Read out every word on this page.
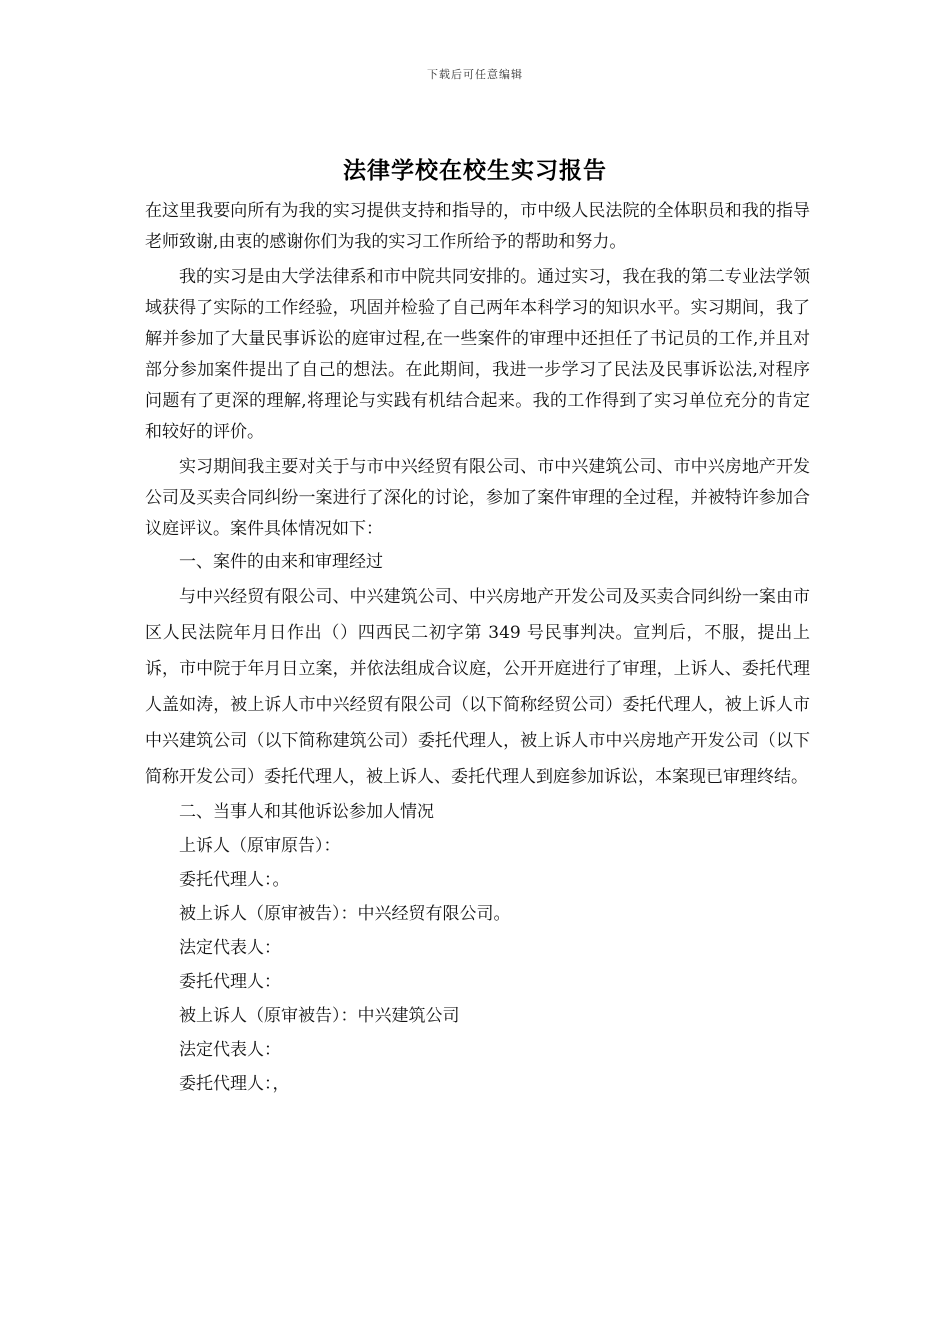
下载后可任意编辑
法律学校在校生实习报告

在这里我要向所有为我的实习提供支持和指导的，市中级人民法院的全体职员和我的指导老师致谢,由衷的感谢你们为我的实习工作所给予的帮助和努力。

我的实习是由大学法律系和市中院共同安排的。通过实习，我在我的第二专业法学领域获得了实际的工作经验，巩固并检验了自己两年本科学习的知识水平。实习期间，我了解并参加了大量民事诉讼的庭审过程,在一些案件的审理中还担任了书记员的工作,并且对部分参加案件提出了自己的想法。在此期间，我进一步学习了民法及民事诉讼法,对程序问题有了更深的理解,将理论与实践有机结合起来。我的工作得到了实习单位充分的肯定和较好的评价。

实习期间我主要对关于与市中兴经贸有限公司、市中兴建筑公司、市中兴房地产开发公司及买卖合同纠纷一案进行了深化的讨论，参加了案件审理的全过程，并被特许参加合议庭评议。案件具体情况如下：

一、案件的由来和审理经过

与中兴经贸有限公司、中兴建筑公司、中兴房地产开发公司及买卖合同纠纷一案由市区人民法院年月日作出（）四西民二初字第 349 号民事判决。宣判后，不服，提出上诉，市中院于年月日立案，并依法组成合议庭，公开开庭进行了审理，上诉人、委托代理人盖如涛，被上诉人市中兴经贸有限公司（以下简称经贸公司）委托代理人，被上诉人市中兴建筑公司（以下简称建筑公司）委托代理人，被上诉人市中兴房地产开发公司（以下简称开发公司）委托代理人，被上诉人、委托代理人到庭参加诉讼，本案现已审理终结。

二、当事人和其他诉讼参加人情况

上诉人（原审原告）：

委托代理人：。

被上诉人（原审被告）：中兴经贸有限公司。

法定代表人：

委托代理人：

被上诉人（原审被告）：中兴建筑公司

法定代表人：

委托代理人：，
